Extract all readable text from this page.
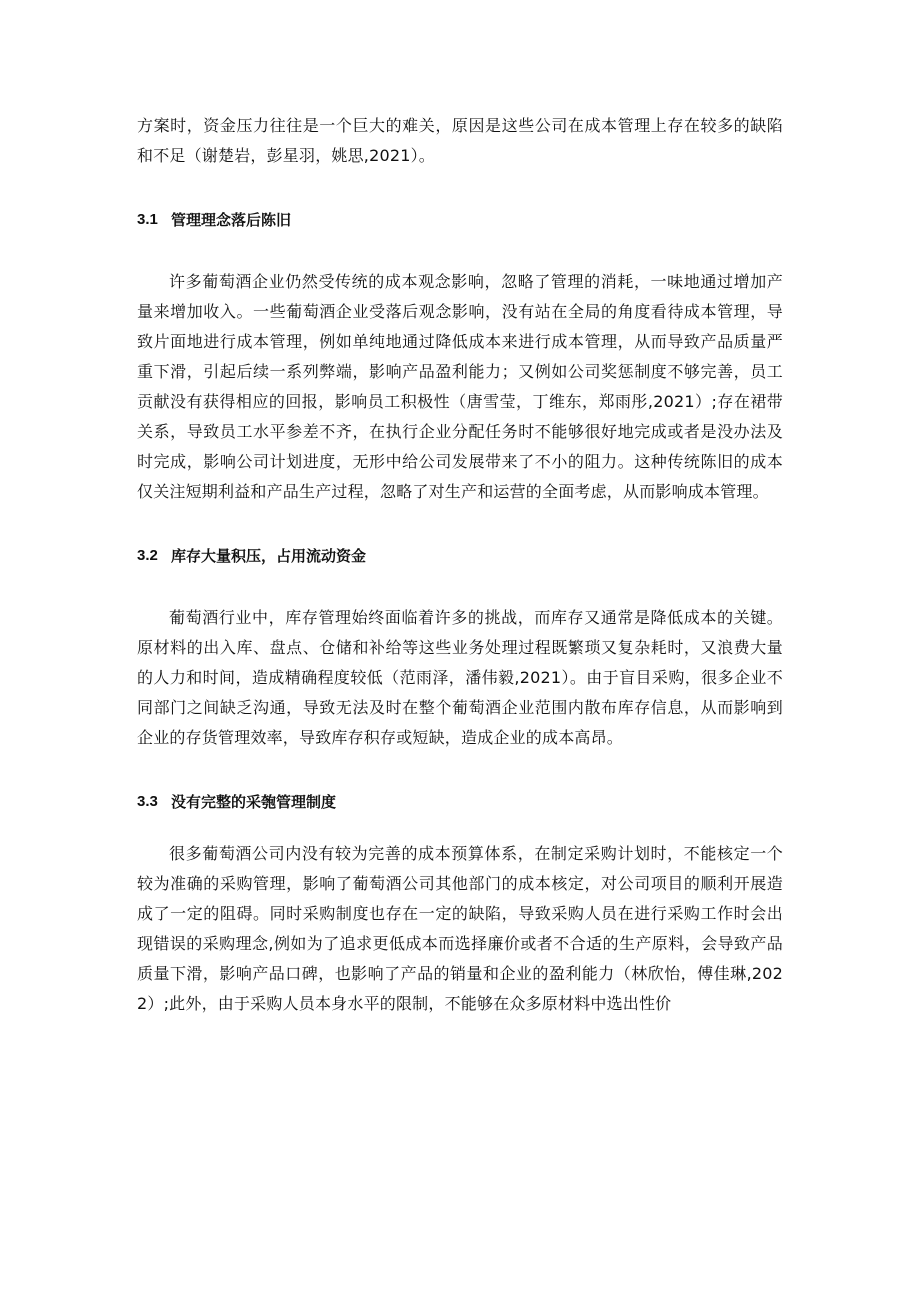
方案时，资金压力往往是一个巨大的难关，原因是这些公司在成本管理上存在较多的缺陷和不足（谢楚岩，彭星羽，姚思,2021）。

3.1 管理理念落后陈旧

许多葡萄酒企业仍然受传统的成本观念影响，忽略了管理的消耗，一味地通过增加产量来增加收入。一些葡萄酒企业受落后观念影响，没有站在全局的角度看待成本管理，导致片面地进行成本管理，例如单纯地通过降低成本来进行成本管理，从而导致产品质量严重下滑，引起后续一系列弊端，影响产品盈利能力；又例如公司奖惩制度不够完善，员工贡献没有获得相应的回报，影响员工积极性（唐雪莹，丁维东，郑雨彤,2021）;存在裙带关系，导致员工水平参差不齐，在执行企业分配任务时不能够很好地完成或者是没办法及时完成，影响公司计划进度，无形中给公司发展带来了不小的阻力。这种传统陈旧的成本仅关注短期利益和产品生产过程，忽略了对生产和运营的全面考虑，从而影响成本管理。

3.2 库存大量积压，占用流动资金

葡萄酒行业中，库存管理始终面临着许多的挑战，而库存又通常是降低成本的关键。原材料的出入库、盘点、仓储和补给等这些业务处理过程既繁琐又复杂耗时，又浪费大量的人力和时间，造成精确程度较低（范雨泽，潘伟毅,2021）。由于盲目采购，很多企业不同部门之间缺乏沟通，导致无法及时在整个葡萄酒企业范围内散布库存信息，从而影响到企业的存货管理效率，导致库存积存或短缺，造成企业的成本高昂。

3.3 没有完整的采匏管理制度

很多葡萄酒公司内没有较为完善的成本预算体系，在制定采购计划时，不能核定一个较为准确的采购管理，影响了葡萄酒公司其他部门的成本核定，对公司项目的顺利开展造成了一定的阻碍。同时采购制度也存在一定的缺陷，导致采购人员在进行采购工作时会出现错误的采购理念,例如为了追求更低成本而选择廉价或者不合适的生产原料，会导致产品质量下滑，影响产品口碑，也影响了产品的销量和企业的盈利能力（林欣怡，傅佳琳,2022）;此外，由于采购人员本身水平的限制，不能够在众多原材料中选出性价
